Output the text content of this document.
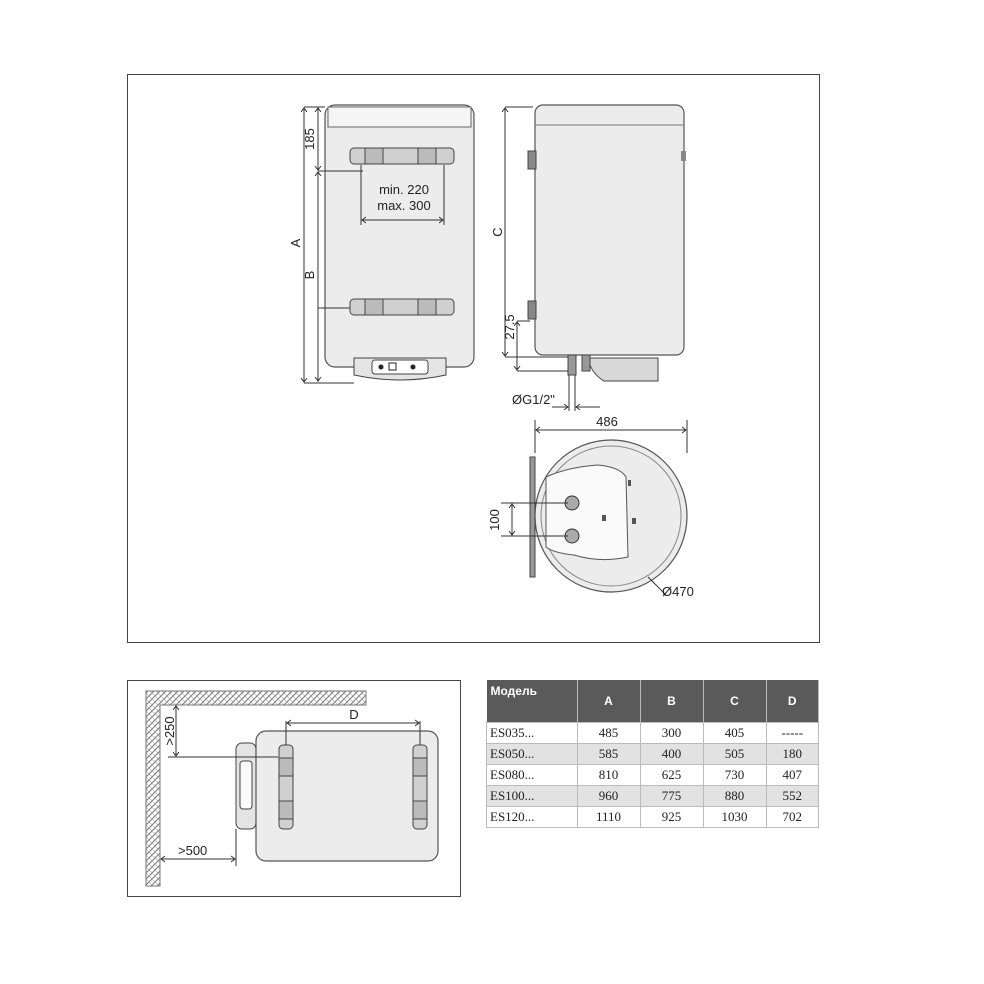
185
A
B
min. 220
max. 300
C
27.5
ØG1/2"
486
100
Ø470
D
>250
>500
Модель	A	B	C	D
ES035...	485	300	405	-----
ES050...	585	400	505	180
ES080...	810	625	730	407
ES100...	960	775	880	552
ES120...	1110	925	1030	702
